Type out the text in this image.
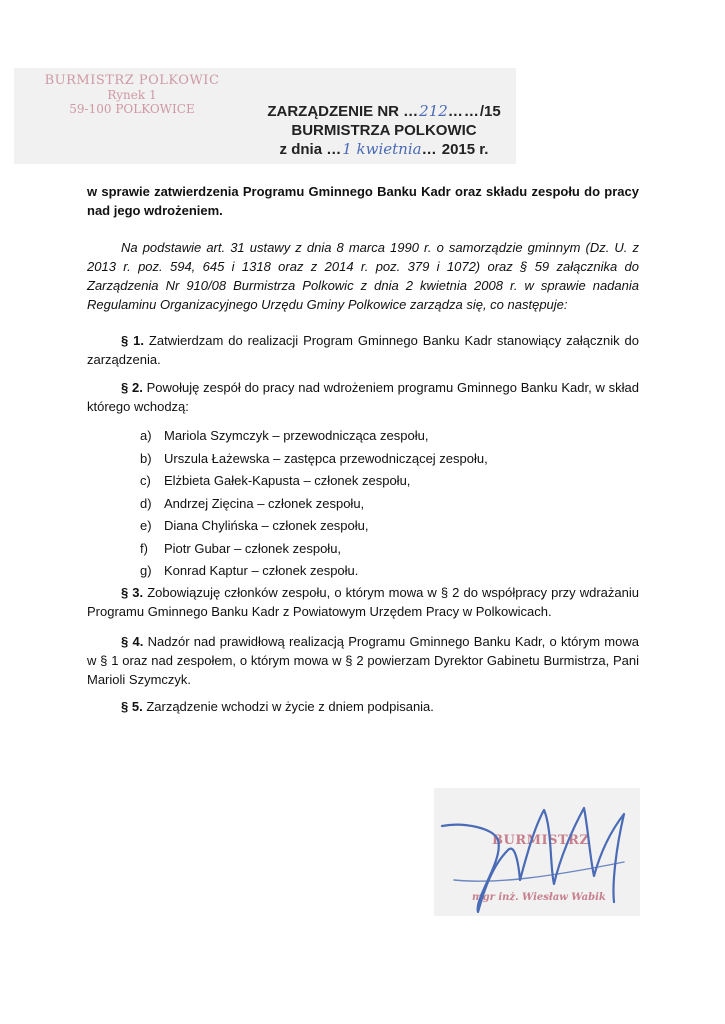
BURMISTRZ POLKOWIC
Rynek 1
59-100 POLKOWICE	ZARZĄDZENIE NR …212……/15
BURMISTRZA POLKOWIC
z dnia …1 kwietnia… 2015 r.
w sprawie zatwierdzenia Programu Gminnego Banku Kadr oraz składu zespołu do pracy nad jego wdrożeniem.
Na podstawie art. 31 ustawy z dnia 8 marca 1990 r. o samorządzie gminnym (Dz. U. z 2013 r. poz. 594, 645 i 1318 oraz z 2014 r. poz. 379 i 1072) oraz § 59 załącznika do Zarządzenia Nr 910/08 Burmistrza Polkowic z dnia 2 kwietnia 2008 r. w sprawie nadania Regulaminu Organizacyjnego Urzędu Gminy Polkowice zarządza się, co następuje:
§ 1. Zatwierdzam do realizacji Program Gminnego Banku Kadr stanowiący załącznik do zarządzenia.
§ 2. Powołuję zespół do pracy nad wdrożeniem programu Gminnego Banku Kadr, w skład którego wchodzą:
a) Mariola Szymczyk – przewodnicząca zespołu,
b) Urszula Łażewska – zastępca przewodniczącej zespołu,
c) Elżbieta Gałek-Kapusta – członek zespołu,
d) Andrzej Zięcina – członek zespołu,
e) Diana Chylińska – członek zespołu,
f) Piotr Gubar – członek zespołu,
g) Konrad Kaptur – członek zespołu.
§ 3. Zobowiązuję członków zespołu, o którym mowa w § 2 do współpracy przy wdrażaniu Programu Gminnego Banku Kadr z Powiatowym Urzędem Pracy w Polkowicach.
§ 4. Nadzór nad prawidłową realizacją Programu Gminnego Banku Kadr, o którym mowa w § 1 oraz nad zespołem, o którym mowa w § 2 powierzam Dyrektor Gabinetu Burmistrza, Pani Marioli Szymczyk.
§ 5. Zarządzenie wchodzi w życie z dniem podpisania.
BURMISTRZ
mgr inż. Wiesław Wabik
